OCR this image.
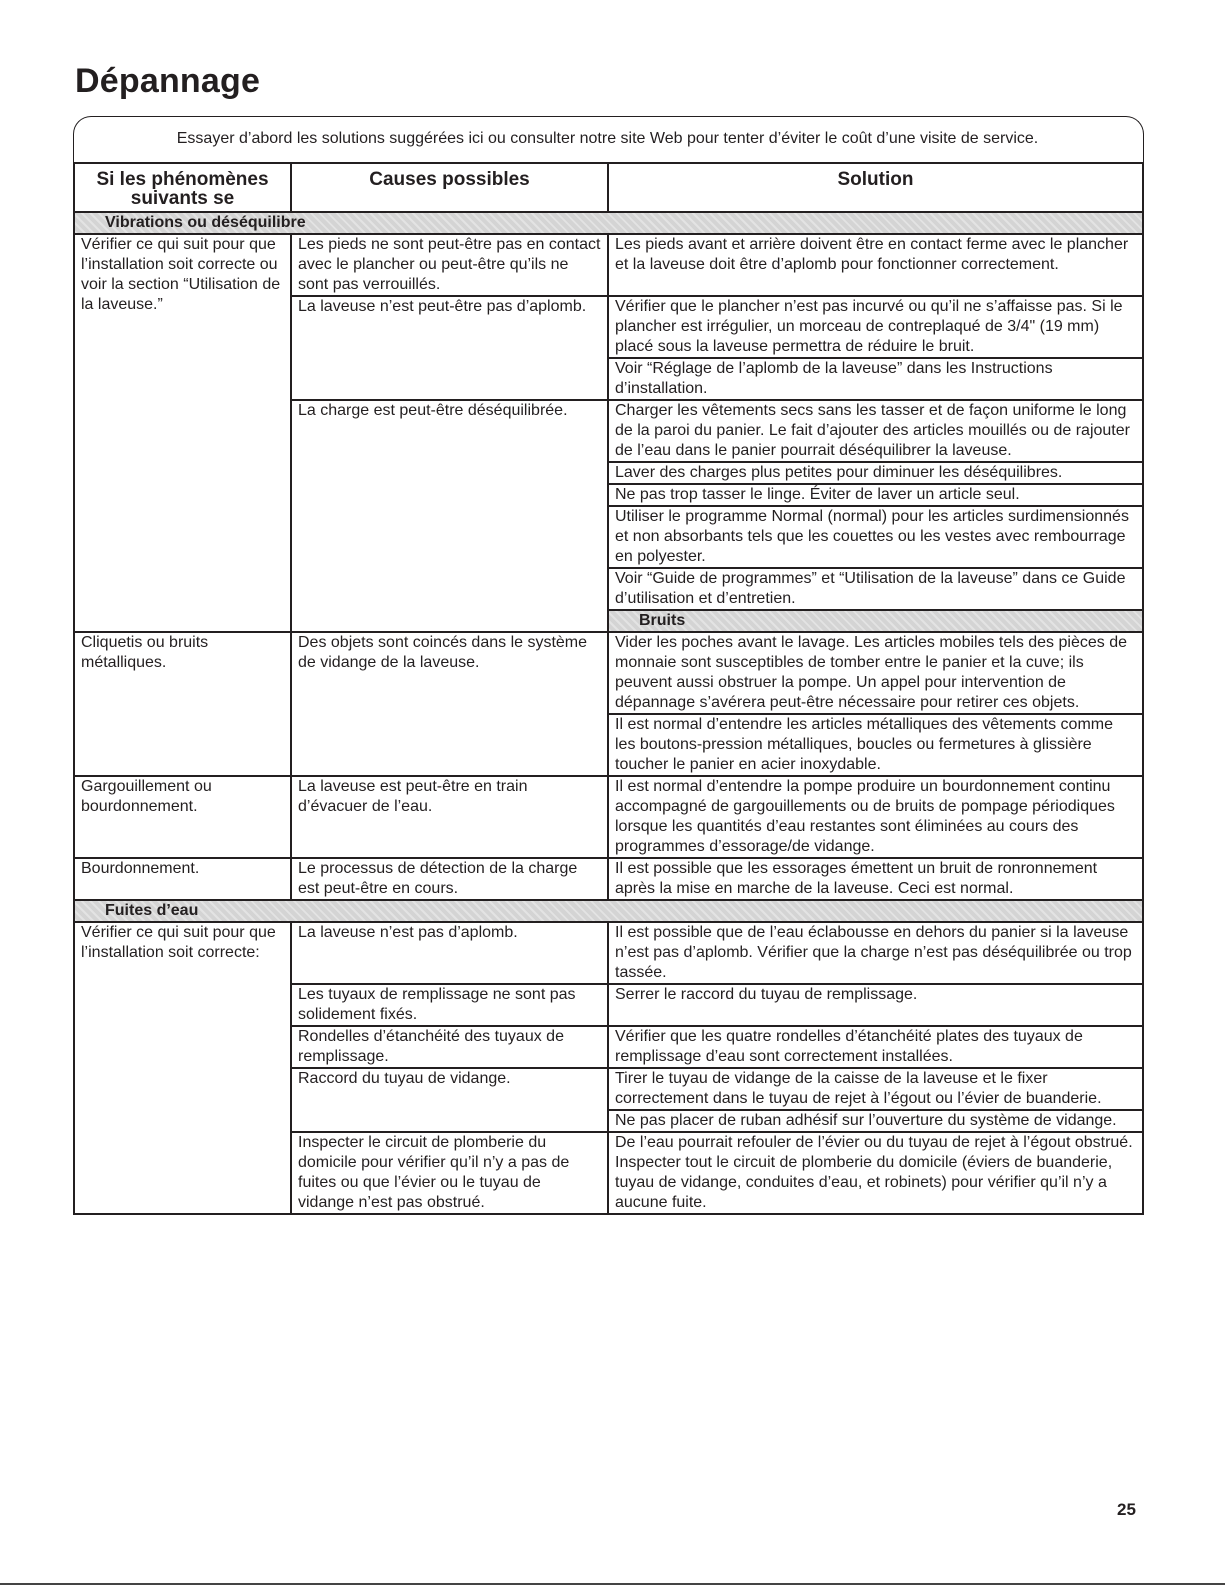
Dépannage
Essayer d’abord les solutions suggérées ici ou consulter notre site Web pour tenter d’éviter le coût d’une visite de service.
Si les phénomènes suivants se	Causes possibles	Solution
Vibrations ou déséquilibre		
Vérifier ce qui suit pour que l’installation soit correcte ou voir la section “Utilisation de la laveuse.”	Les pieds ne sont peut-être pas en contact avec le plancher ou peut-être qu’ils ne sont pas verrouillés.	Les pieds avant et arrière doivent être en contact ferme avec le plancher et la laveuse doit être d’aplomb pour fonctionner correctement.
	La laveuse n’est peut-être pas d’aplomb.	Vérifier que le plancher n’est pas incurvé ou qu’il ne s’affaisse pas. Si le plancher est irrégulier, un morceau de contreplaqué de 3/4" (19 mm) placé sous la laveuse permettra de réduire le bruit.
		Voir “Réglage de l’aplomb de la laveuse” dans les Instructions d’installation.
	La charge est peut-être déséquilibrée.	Charger les vêtements secs sans les tasser et de façon uniforme le long de la paroi du panier. Le fait d’ajouter des articles mouillés ou de rajouter de l’eau dans le panier pourrait déséquilibrer la laveuse.
		Laver des charges plus petites pour diminuer les déséquilibres.
		Ne pas trop tasser le linge. Éviter de laver un article seul.
		Utiliser le programme Normal (normal) pour les articles surdimensionnés et non absorbants tels que les couettes ou les vestes avec rembourrage en polyester.
		Voir “Guide de programmes” et “Utilisation de la laveuse” dans ce Guide d’utilisation et d’entretien.
		Bruits
Cliquetis ou bruits métalliques.	Des objets sont coincés dans le système de vidange de la laveuse.	Vider les poches avant le lavage. Les articles mobiles tels des pièces de monnaie sont susceptibles de tomber entre le panier et la cuve; ils peuvent aussi obstruer la pompe. Un appel pour intervention de dépannage s’avérera peut-être nécessaire pour retirer ces objets.
		Il est normal d’entendre les articles métalliques des vêtements comme les boutons-pression métalliques, boucles ou fermetures à glissière toucher le panier en acier inoxydable.
Gargouillement ou bourdonnement.	La laveuse est peut-être en train d’évacuer de l’eau.	Il est normal d’entendre la pompe produire un bourdonnement continu accompagné de gargouillements ou de bruits de pompage périodiques lorsque les quantités d’eau restantes sont éliminées au cours des programmes d’essorage/de vidange.
Bourdonnement.	Le processus de détection de la charge est peut-être en cours.	Il est possible que les essorages émettent un bruit de ronronnement après la mise en marche de la laveuse. Ceci est normal.
Fuites d’eau		
Vérifier ce qui suit pour que l’installation soit correcte:	La laveuse n’est pas d’aplomb.	Il est possible que de l’eau éclabousse en dehors du panier si la laveuse n’est pas d’aplomb. Vérifier que la charge n’est pas déséquilibrée ou trop tassée.
	Les tuyaux de remplissage ne sont pas solidement fixés.	Serrer le raccord du tuyau de remplissage.
	Rondelles d’étanchéité des tuyaux de remplissage.	Vérifier que les quatre rondelles d’étanchéité plates des tuyaux de remplissage d’eau sont correctement installées.
	Raccord du tuyau de vidange.	Tirer le tuyau de vidange de la caisse de la laveuse et le fixer correctement dans le tuyau de rejet à l’égout ou l’évier de buanderie.
		Ne pas placer de ruban adhésif sur l’ouverture du système de vidange.
	Inspecter le circuit de plomberie du domicile pour vérifier qu’il n’y a pas de fuites ou que l’évier ou le tuyau de vidange n’est pas obstrué.	De l’eau pourrait refouler de l’évier ou du tuyau de rejet à l’égout obstrué. Inspecter tout le circuit de plomberie du domicile (éviers de buanderie, tuyau de vidange, conduites d’eau, et robinets) pour vérifier qu’il n’y a aucune fuite.
25
